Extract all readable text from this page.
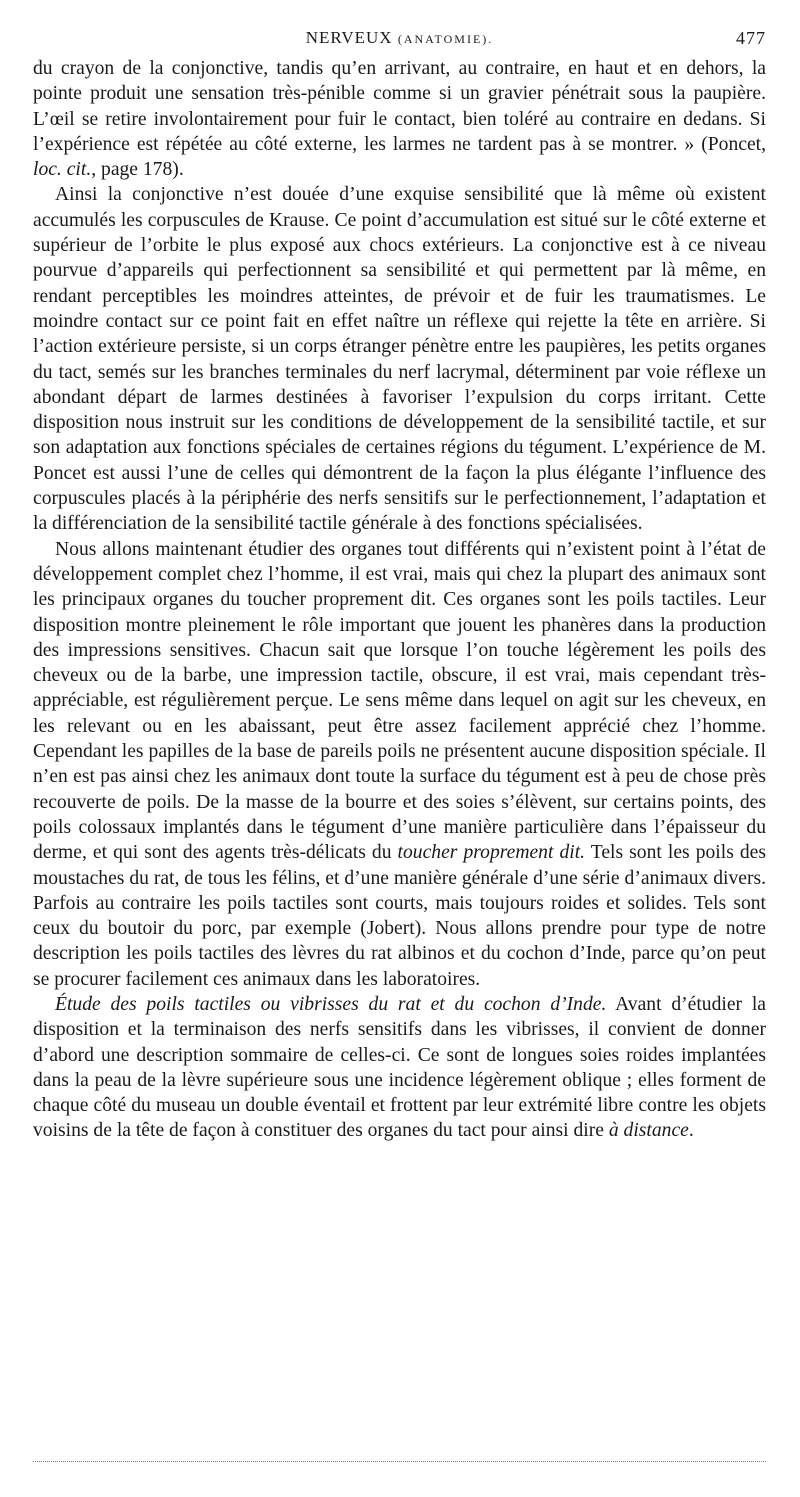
NERVEUX (ANATOMIE).	477

du crayon de la conjonctive, tandis qu’en arrivant, au contraire, en haut et en dehors, la pointe produit une sensation très-pénible comme si un gravier pénétrait sous la paupière. L’œil se retire involontairement pour fuir le contact, bien toléré au contraire en dedans. Si l’expérience est répétée au côté externe, les larmes ne tardent pas à se montrer. » (Poncet, loc. cit., page 178).

Ainsi la conjonctive n’est douée d’une exquise sensibilité que là même où existent accumulés les corpuscules de Krause. Ce point d’accumulation est situé sur le côté externe et supérieur de l’orbite le plus exposé aux chocs extérieurs. La conjonctive est à ce niveau pourvue d’appareils qui perfectionnent sa sensibilité et qui permettent par là même, en rendant perceptibles les moindres atteintes, de prévoir et de fuir les traumatismes. Le moindre contact sur ce point fait en effet naître un réflexe qui rejette la tête en arrière. Si l’action extérieure persiste, si un corps étranger pénètre entre les paupières, les petits organes du tact, semés sur les branches terminales du nerf lacrymal, déterminent par voie réflexe un abondant départ de larmes destinées à favoriser l’expulsion du corps irritant. Cette disposition nous instruit sur les conditions de développement de la sensibilité tactile, et sur son adaptation aux fonctions spéciales de certaines régions du tégument. L’expérience de M. Poncet est aussi l’une de celles qui démontrent de la façon la plus élégante l’influence des corpuscules placés à la périphérie des nerfs sensitifs sur le perfectionnement, l’adaptation et la différenciation de la sensibilité tactile générale à des fonctions spécialisées.

Nous allons maintenant étudier des organes tout différents qui n’existent point à l’état de développement complet chez l’homme, il est vrai, mais qui chez la plupart des animaux sont les principaux organes du toucher proprement dit. Ces organes sont les poils tactiles. Leur disposition montre pleinement le rôle important que jouent les phanères dans la production des impressions sensitives. Chacun sait que lorsque l’on touche légèrement les poils des cheveux ou de la barbe, une impression tactile, obscure, il est vrai, mais cependant très-appréciable, est régulièrement perçue. Le sens même dans lequel on agit sur les cheveux, en les relevant ou en les abaissant, peut être assez facilement apprécié chez l’homme. Cependant les papilles de la base de pareils poils ne présentent aucune disposition spéciale. Il n’en est pas ainsi chez les animaux dont toute la surface du tégument est à peu de chose près recouverte de poils. De la masse de la bourre et des soies s’élèvent, sur certains points, des poils colossaux implantés dans le tégument d’une manière particulière dans l’épaisseur du derme, et qui sont des agents très-délicats du toucher proprement dit. Tels sont les poils des moustaches du rat, de tous les félins, et d’une manière générale d’une série d’animaux divers. Parfois au contraire les poils tactiles sont courts, mais toujours roides et solides. Tels sont ceux du boutoir du porc, par exemple (Jobert). Nous allons prendre pour type de notre description les poils tactiles des lèvres du rat albinos et du cochon d’Inde, parce qu’on peut se procurer facilement ces animaux dans les laboratoires.

Étude des poils tactiles ou vibrisses du rat et du cochon d’Inde. Avant d’étudier la disposition et la terminaison des nerfs sensitifs dans les vibrisses, il convient de donner d’abord une description sommaire de celles-ci. Ce sont de longues soies roides implantées dans la peau de la lèvre supérieure sous une incidence légèrement oblique ; elles forment de chaque côté du museau un double éventail et frottent par leur extrémité libre contre les objets voisins de la tête de façon à constituer des organes du tact pour ainsi dire à distance.
